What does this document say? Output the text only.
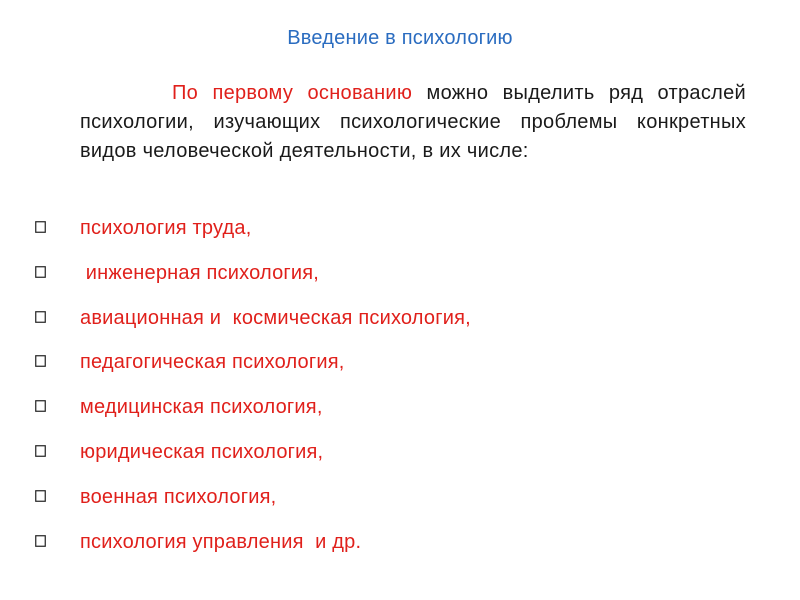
Введение в психологию
По первому основанию можно выделить ряд отраслей психологии, изучающих психологические проблемы конкретных видов человеческой деятельности, в их числе:
психология труда,
инженерная психология,
авиационная и  космическая психология,
педагогическая психология,
медицинская психология,
юридическая психология,
военная психология,
психология управления  и др.
